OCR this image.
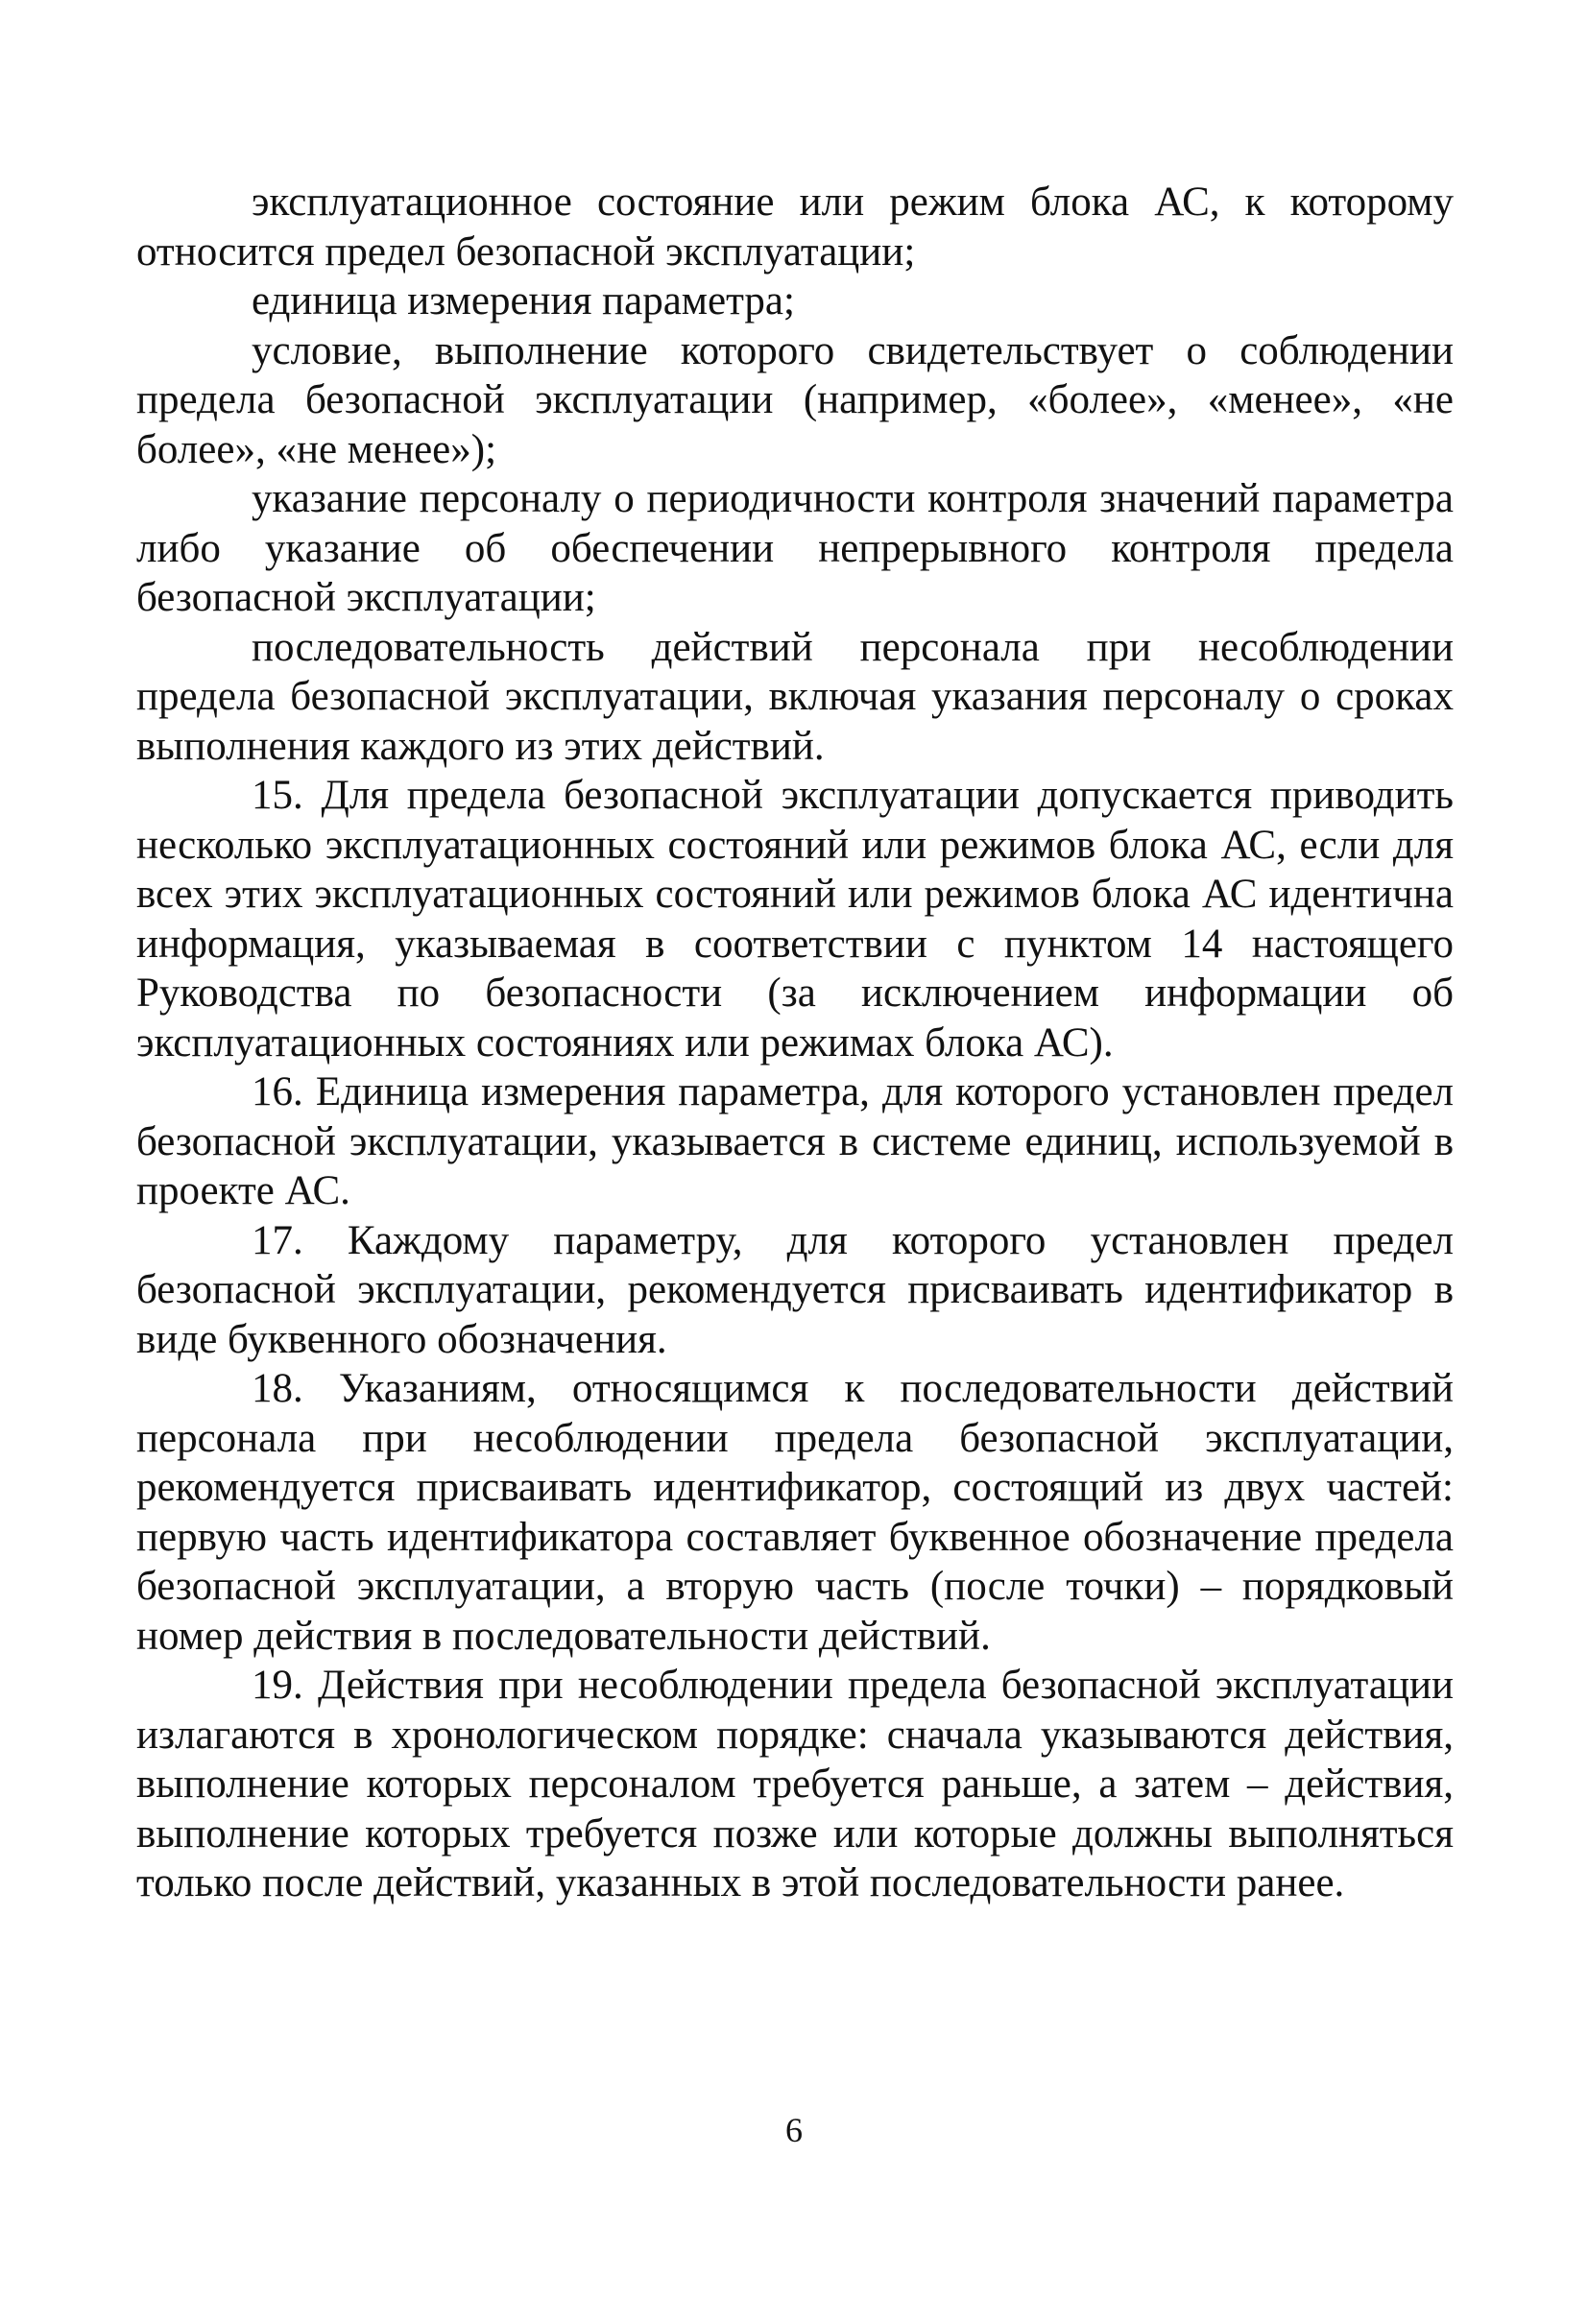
эксплуатационное состояние или режим блока АС, к которому относится предел безопасной эксплуатации;

единица измерения параметра;

условие, выполнение которого свидетельствует о соблюдении предела безопасной эксплуатации (например, «более», «менее», «не более», «не менее»);

указание персоналу о периодичности контроля значений параметра либо указание об обеспечении непрерывного контроля предела безопасной эксплуатации;

последовательность действий персонала при несоблюдении предела безопасной эксплуатации, включая указания персоналу о сроках выполнения каждого из этих действий.

15. Для предела безопасной эксплуатации допускается приводить несколько эксплуатационных состояний или режимов блока АС, если для всех этих эксплуатационных состояний или режимов блока АС идентична информация, указываемая в соответствии с пунктом 14 настоящего Руководства по безопасности (за исключением информации об эксплуатационных состояниях или режимах блока АС).

16. Единица измерения параметра, для которого установлен предел безопасной эксплуатации, указывается в системе единиц, используемой в проекте АС.

17. Каждому параметру, для которого установлен предел безопасной эксплуатации, рекомендуется присваивать идентификатор в виде буквенного обозначения.

18. Указаниям, относящимся к последовательности действий персонала при несоблюдении предела безопасной эксплуатации, рекомендуется присваивать идентификатор, состоящий из двух частей: первую часть идентификатора составляет буквенное обозначение предела безопасной эксплуатации, а вторую часть (после точки) – порядковый номер действия в последовательности действий.

19. Действия при несоблюдении предела безопасной эксплуатации излагаются в хронологическом порядке: сначала указываются действия, выполнение которых персоналом требуется раньше, а затем – действия, выполнение которых требуется позже или которые должны выполняться только после действий, указанных в этой последовательности ранее.

6
